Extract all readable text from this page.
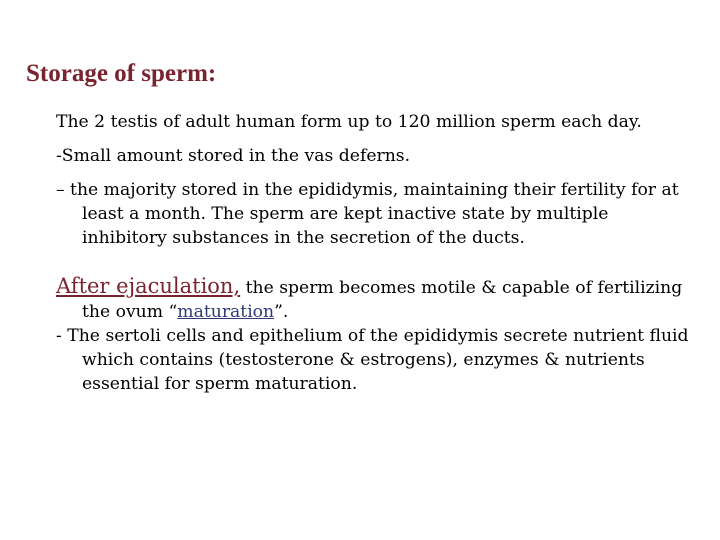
Storage of sperm:

The 2 testis of adult human form up to 120 million sperm each day.

-Small amount stored in the vas deferns.

– the majority stored in the epididymis, maintaining their fertility for at least a month. The sperm are kept inactive state by multiple inhibitory substances in the secretion of the ducts.

After ejaculation, the sperm becomes motile & capable of fertilizing the ovum “maturation”.

- The sertoli cells and epithelium of the epididymis secrete nutrient fluid which contains (testosterone & estrogens), enzymes & nutrients essential for sperm maturation.
